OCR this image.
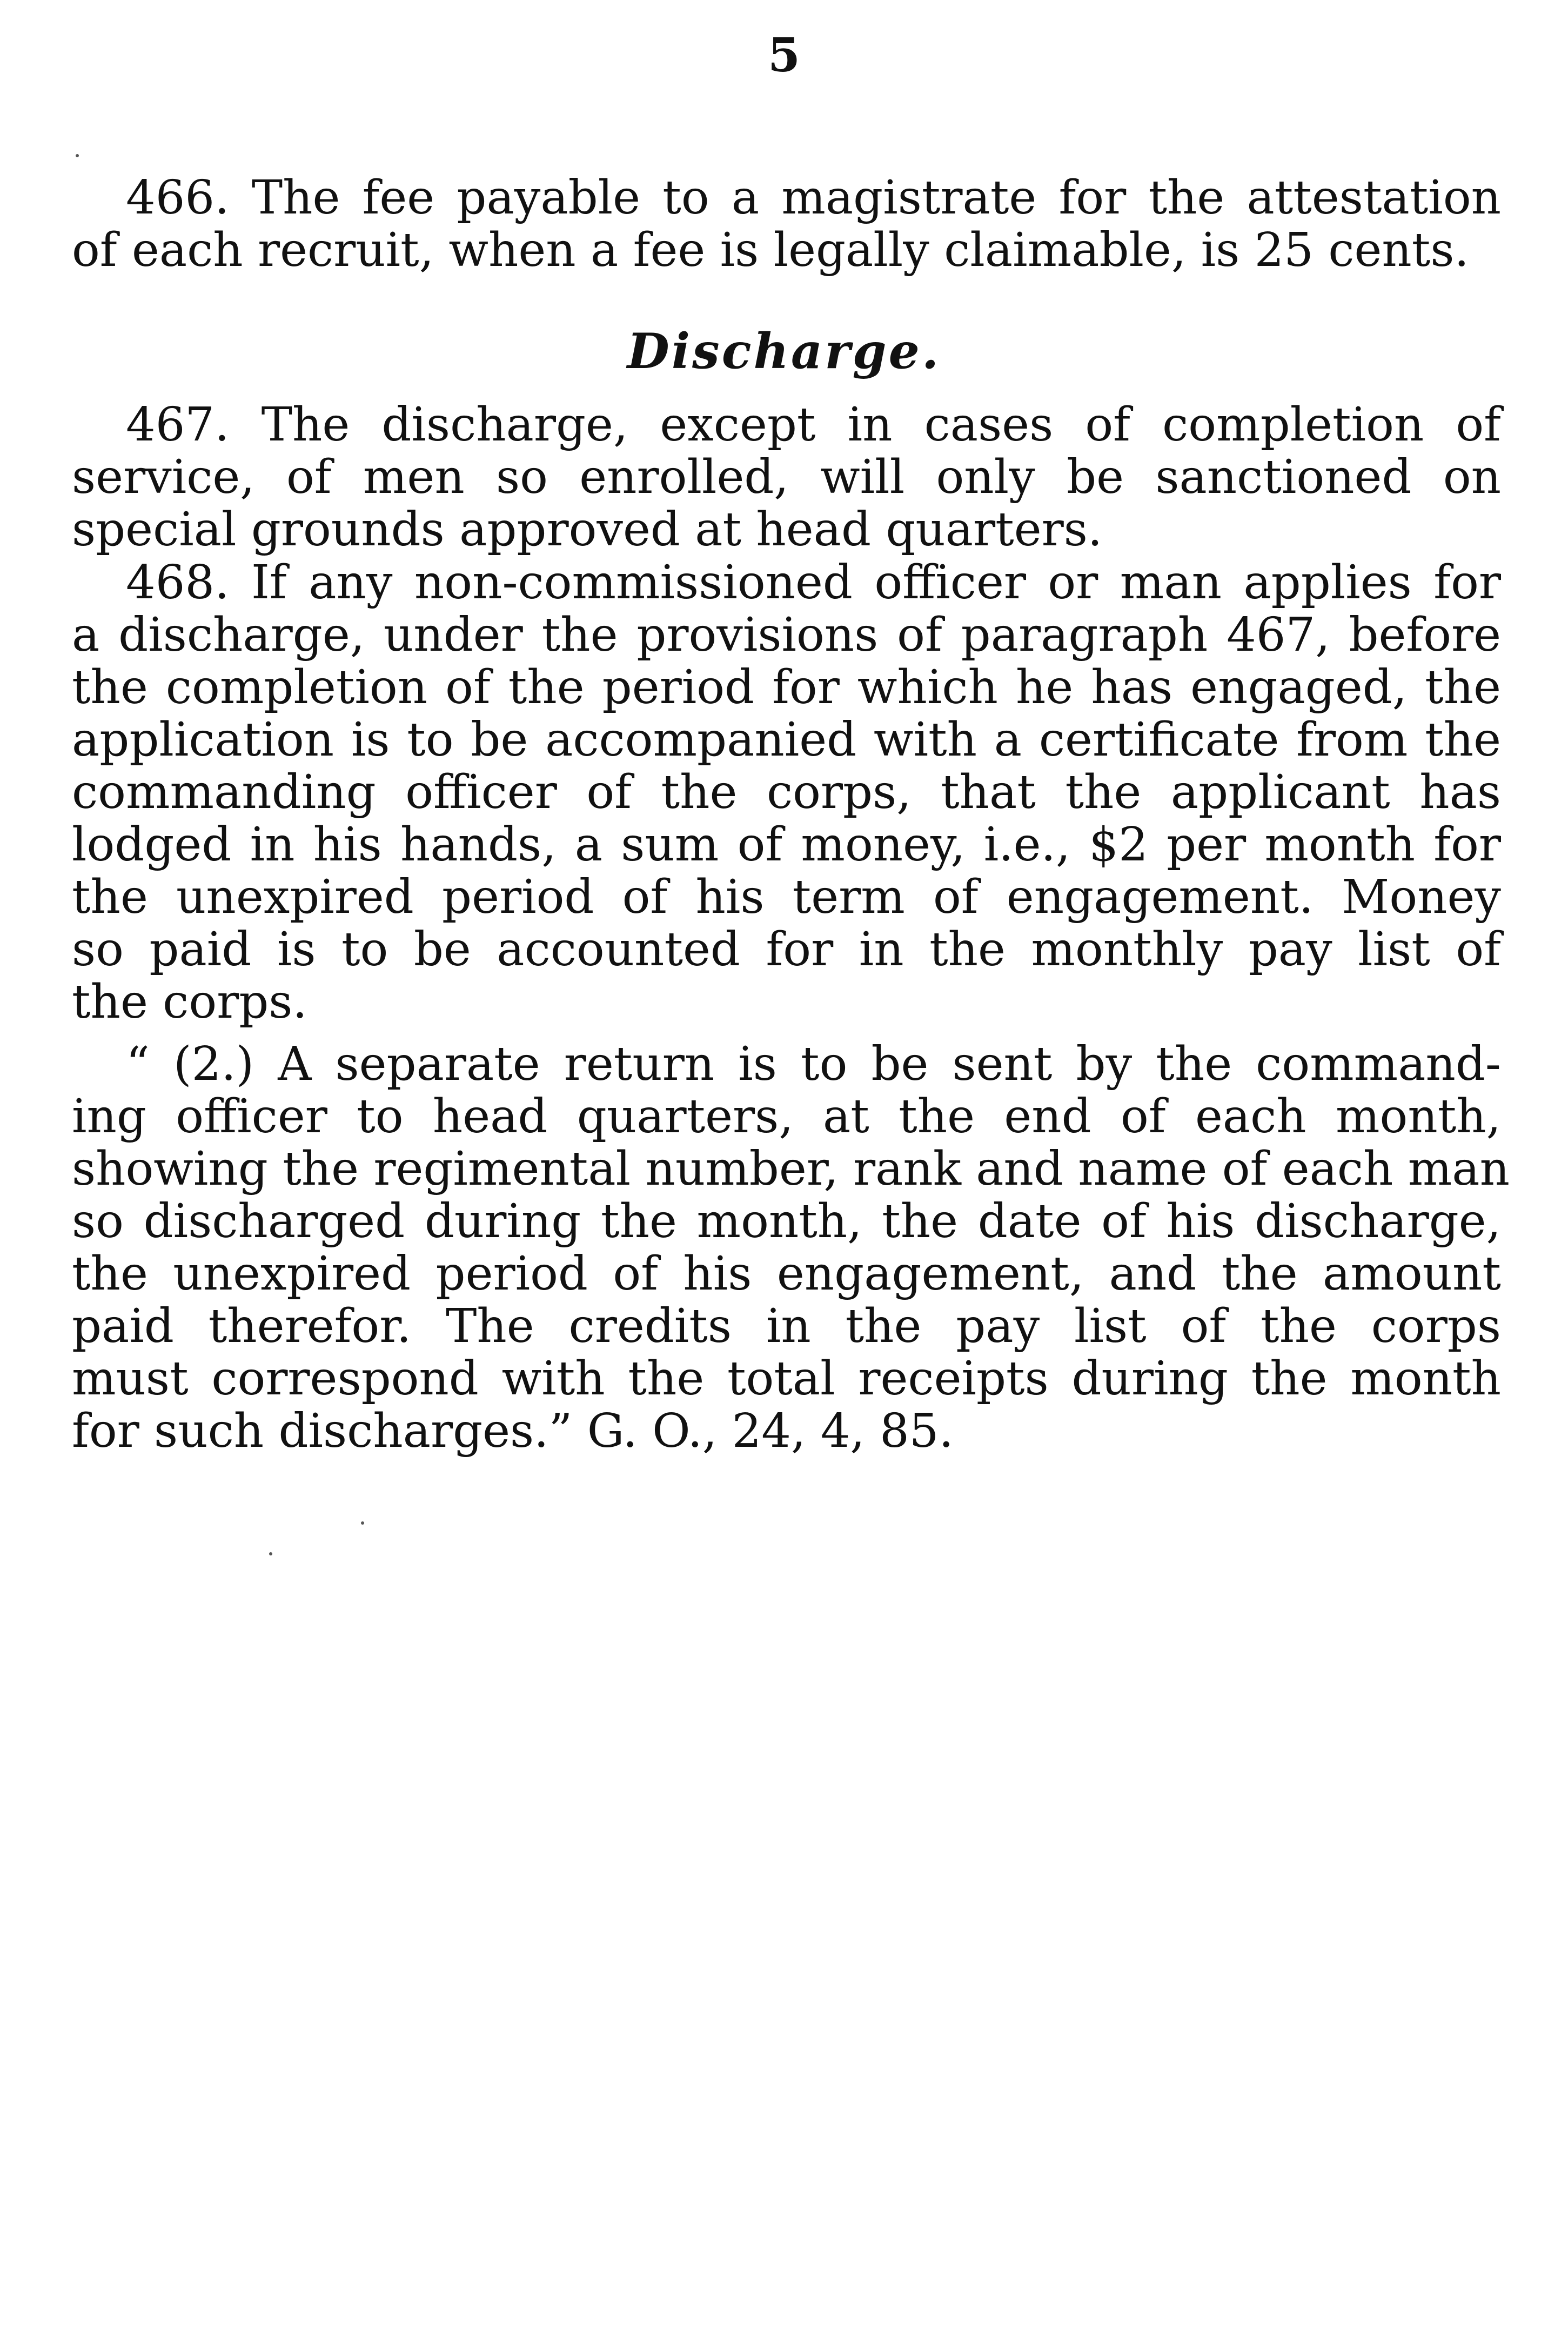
5
466. The fee payable to a magistrate for the attestation
of each recruit, when a fee is legally claimable, is 25 cents.
Discharge.
467. The discharge, except in cases of completion of
service, of men so enrolled, will only be sanctioned on
special grounds approved at head quarters.
468. If any non-commissioned officer or man applies for
a discharge, under the provisions of paragraph 467, before
the completion of the period for which he has engaged, the
application is to be accompanied with a certificate from the
commanding officer of the corps, that the applicant has
lodged in his hands, a sum of money, i.e., $2 per month for
the unexpired period of his term of engagement. Money
so paid is to be accounted for in the monthly pay list of
the corps.
“ (2.) A separate return is to be sent by the command-
ing officer to head quarters, at the end of each month,
showing the regimental number, rank and name of each man
so discharged during the month, the date of his discharge,
the unexpired period of his engagement, and the amount
paid therefor. The credits in the pay list of the corps
must correspond with the total receipts during the month
for such discharges.” G. O., 24, 4, 85.
